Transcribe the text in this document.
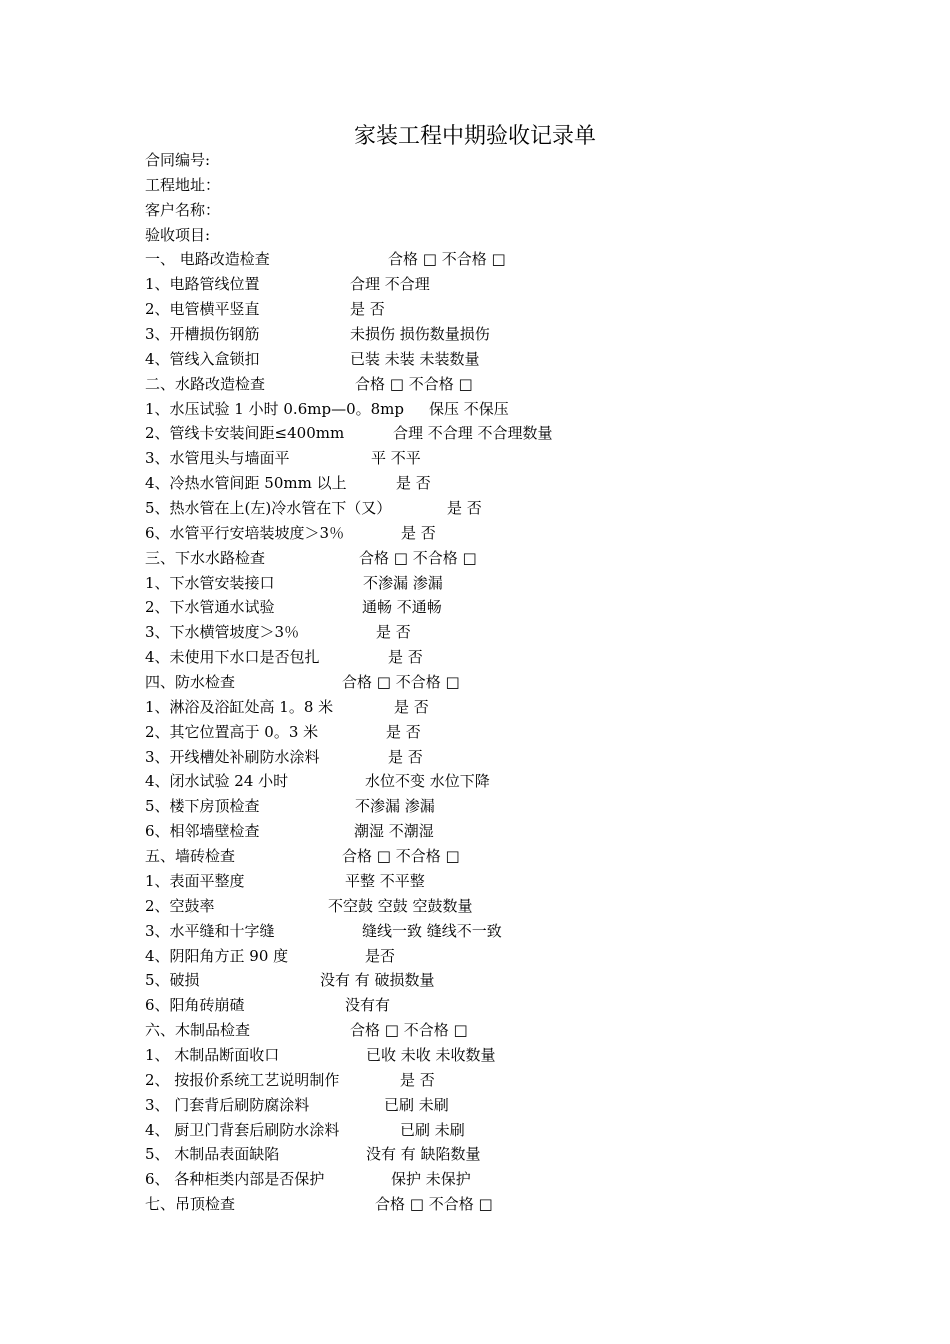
家装工程中期验收记录单
合同编号:
工程地址：
客户名称：
验收项目:
一、 电路改造检查	合格 □ 不合格 □
1、电路管线位置	合理 不合理
2、电管横平竖直	是 否
3、开槽损伤钢筋	未损伤 损伤数量损伤
4、管线入盒锁扣	已装 未装 未装数量
二、水路改造检查	合格 □ 不合格 □
1、水压试验 1 小时 0.6mp—0。8mp 保压 不保压
2、管线卡安装间距≤400mm	合理 不合理 不合理数量
3、水管甩头与墙面平	平 不平
4、冷热水管间距 50mm 以上	是 否
5、热水管在上(左)冷水管在下（又）	是 否
6、水管平行安培装坡度＞3％	是 否
三、下水水路检查	合格 □ 不合格 □
1、下水管安装接口	不渗漏 渗漏
2、下水管通水试验	通畅 不通畅
3、下水横管坡度＞3％	是 否
4、未使用下水口是否包扎	是 否
四、防水检查	合格 □ 不合格 □
1、淋浴及浴缸处高 1。8 米	是 否
2、其它位置高于 0。3 米	是 否
3、开线槽处补刷防水涂料	是 否
4、闭水试验 24 小时	水位不变 水位下降
5、楼下房顶检查	不渗漏 渗漏
6、相邻墙壁检查	潮湿 不潮湿
五、墙砖检查	合格 □ 不合格 □
1、表面平整度	平整 不平整
2、空鼓率	不空鼓 空鼓 空鼓数量
3、水平缝和十字缝	缝线一致 缝线不一致
4、阴阳角方正 90 度	是否
5、破损	没有 有 破损数量
6、阳角砖崩碴	没有有
六、木制品检查	合格 □ 不合格 □
1、 木制品断面收口	已收 未收 未收数量
2、 按报价系统工艺说明制作	是 否
3、 门套背后刷防腐涂料	已刷 未刷
4、 厨卫门背套后刷防水涂料	已刷 未刷
5、 木制品表面缺陷	没有 有 缺陷数量
6、 各种柜类内部是否保护	保护 未保护
七、吊顶检查	合格 □ 不合格 □
